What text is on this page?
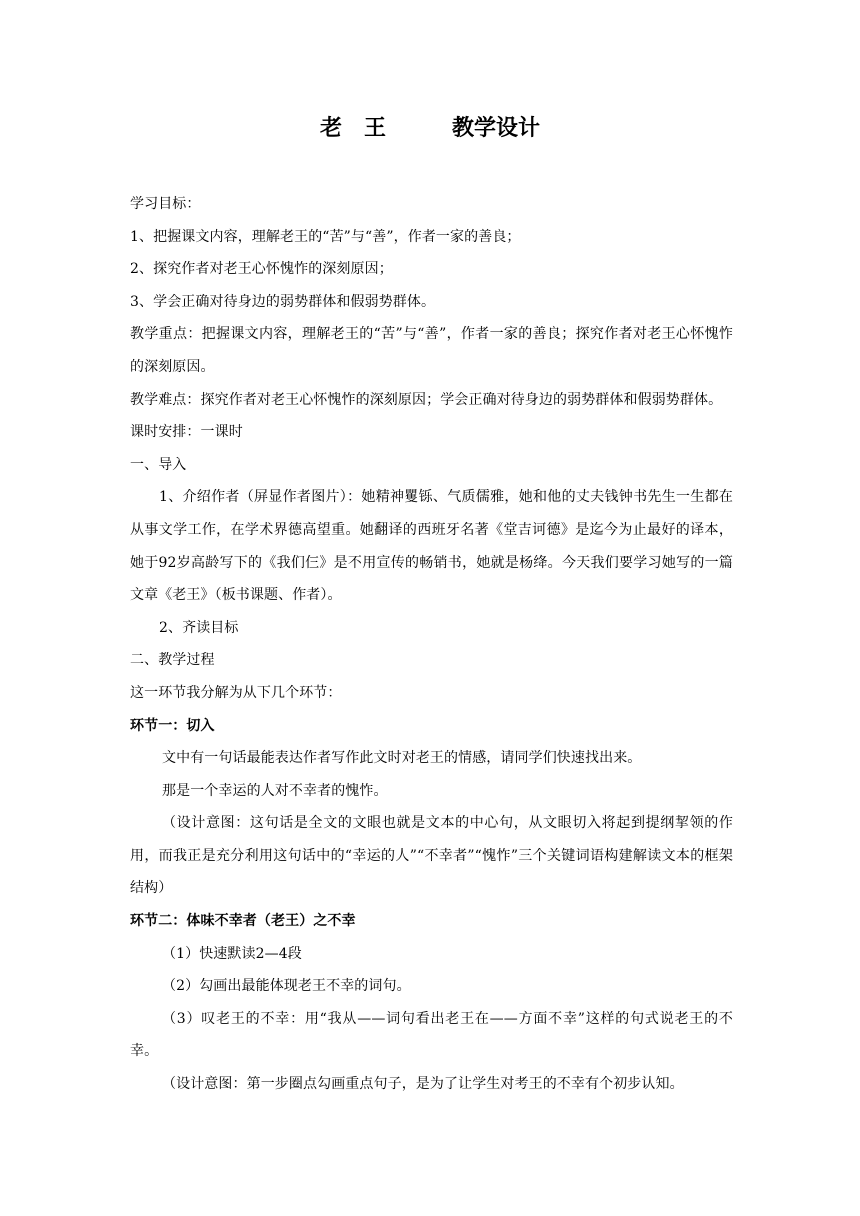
老　王　　　教学设计

学习目标：

1、把握课文内容，理解老王的“苦”与“善”，作者一家的善良；

2、探究作者对老王心怀愧怍的深刻原因；

3、学会正确对待身边的弱势群体和假弱势群体。

教学重点：把握课文内容，理解老王的“苦”与“善”，作者一家的善良；探究作者对老王心怀愧怍的深刻原因。

教学难点：探究作者对老王心怀愧怍的深刻原因；学会正确对待身边的弱势群体和假弱势群体。

课时安排：一课时

一、导入

1、介绍作者（屏显作者图片）：她精神矍铄、气质儒雅，她和他的丈夫钱钟书先生一生都在从事文学工作，在学术界德高望重。她翻译的西班牙名著《堂吉诃德》是迄今为止最好的译本，她于92岁高龄写下的《我们仨》是不用宣传的畅销书，她就是杨绛。今天我们要学习她写的一篇文章《老王》（板书课题、作者）。

2、齐读目标

二、教学过程

这一环节我分解为从下几个环节：

环节一：切入

文中有一句话最能表达作者写作此文时对老王的情感，请同学们快速找出来。

那是一个幸运的人对不幸者的愧怍。

（设计意图：这句话是全文的文眼也就是文本的中心句，从文眼切入将起到提纲挈领的作用，而我正是充分利用这句话中的“幸运的人”“不幸者”“愧怍”三个关键词语构建解读文本的框架结构）

环节二：体味不幸者（老王）之不幸

（1）快速默读2—4段

（2）勾画出最能体现老王不幸的词句。

（3）叹老王的不幸：用“我从——词句看出老王在——方面不幸”这样的句式说老王的不幸。

（设计意图：第一步圈点勾画重点句子，是为了让学生对考王的不幸有个初步认知。
